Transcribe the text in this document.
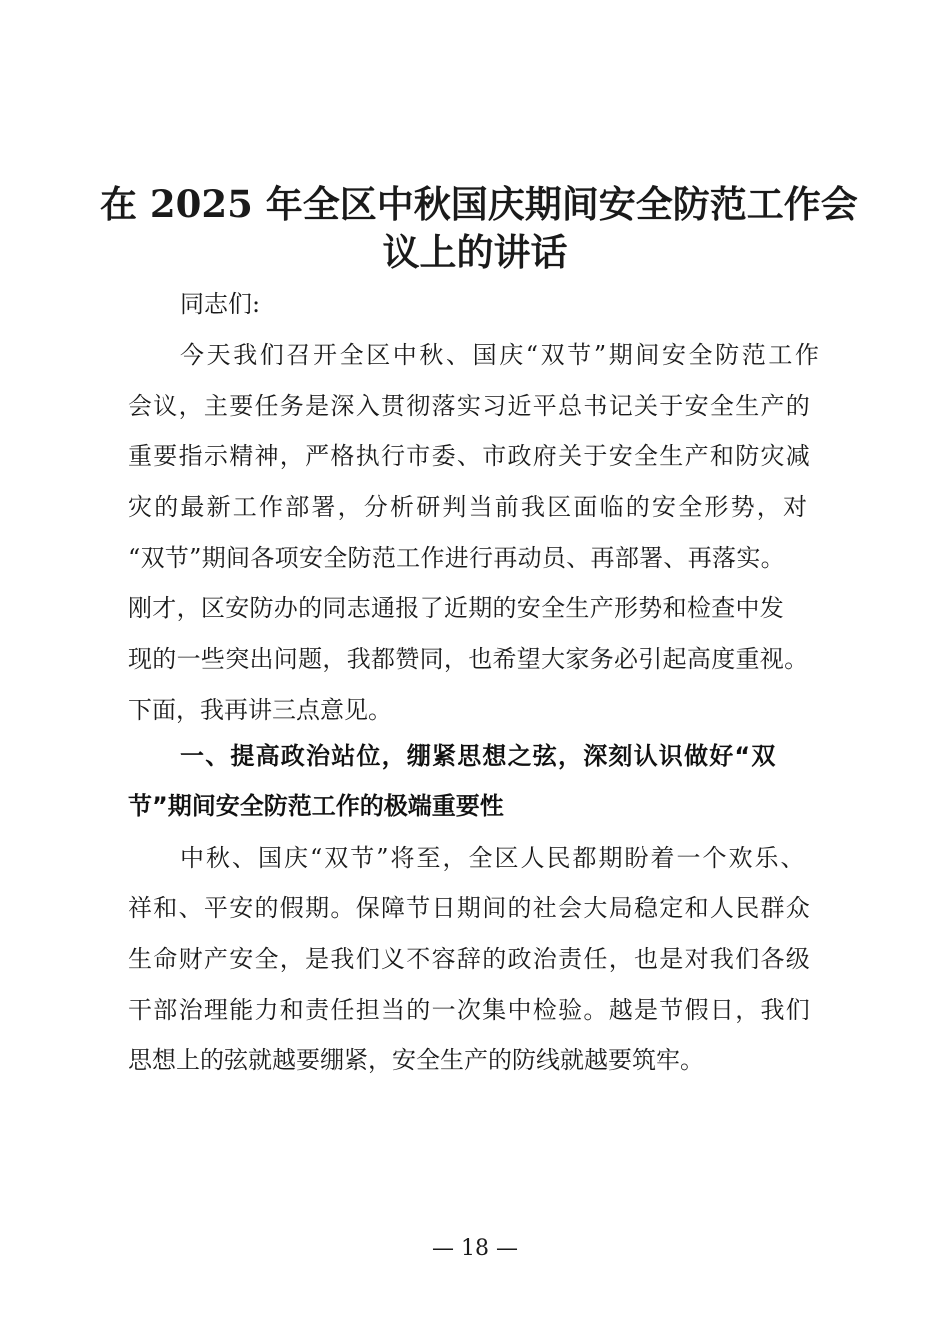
在 2025 年全区中秋国庆期间安全防范工作会
议上的讲话
同志们:
今天我们召开全区中秋、国庆“双节”期间安全防范工作
会议，主要任务是深入贯彻落实习近平总书记关于安全生产的
重要指示精神，严格执行市委、市政府关于安全生产和防灾减
灾的最新工作部署，分析研判当前我区面临的安全形势，对
“双节”期间各项安全防范工作进行再动员、再部署、再落实。
刚才，区安防办的同志通报了近期的安全生产形势和检查中发
现的一些突出问题，我都赞同，也希望大家务必引起高度重视。
下面，我再讲三点意见。
一、提高政治站位，绷紧思想之弦，深刻认识做好“双
节”期间安全防范工作的极端重要性
中秋、国庆“双节”将至，全区人民都期盼着一个欢乐、
祥和、平安的假期。保障节日期间的社会大局稳定和人民群众
生命财产安全，是我们义不容辞的政治责任，也是对我们各级
干部治理能力和责任担当的一次集中检验。越是节假日，我们
思想上的弦就越要绷紧，安全生产的防线就越要筑牢。
— 18 —
